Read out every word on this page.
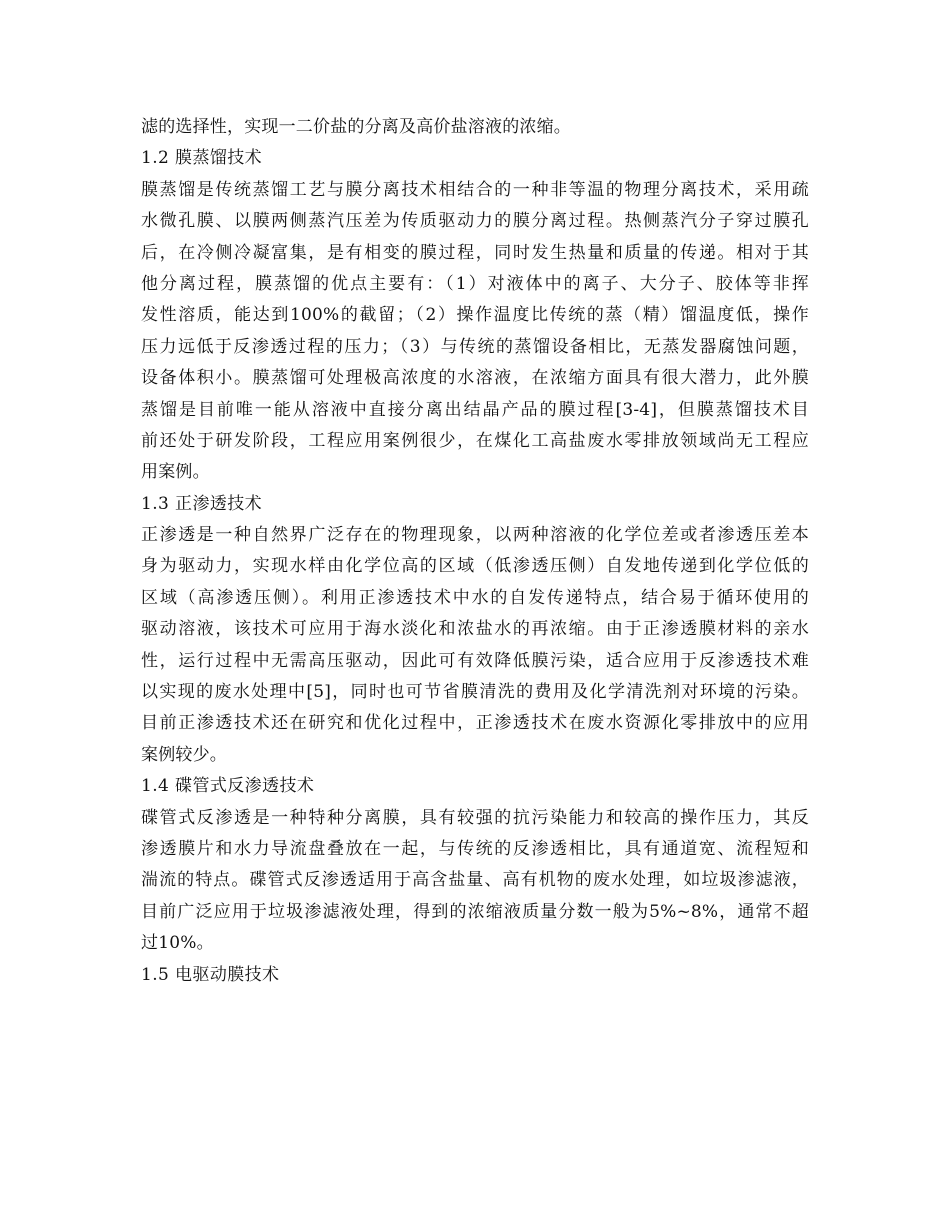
滤的选择性，实现一二价盐的分离及高价盐溶液的浓缩。
1.2 膜蒸馏技术
膜蒸馏是传统蒸馏工艺与膜分离技术相结合的一种非等温的物理分离技术，采用疏
水微孔膜、以膜两侧蒸汽压差为传质驱动力的膜分离过程。热侧蒸汽分子穿过膜孔
后，在冷侧冷凝富集，是有相变的膜过程，同时发生热量和质量的传递。相对于其
他分离过程，膜蒸馏的优点主要有：（1）对液体中的离子、大分子、胶体等非挥
发性溶质，能达到100%的截留；（2）操作温度比传统的蒸（精）馏温度低，操作
压力远低于反渗透过程的压力；（3）与传统的蒸馏设备相比，无蒸发器腐蚀问题，
设备体积小。膜蒸馏可处理极高浓度的水溶液，在浓缩方面具有很大潜力，此外膜
蒸馏是目前唯一能从溶液中直接分离出结晶产品的膜过程[3-4]，但膜蒸馏技术目
前还处于研发阶段，工程应用案例很少，在煤化工高盐废水零排放领域尚无工程应
用案例。
1.3 正渗透技术
正渗透是一种自然界广泛存在的物理现象，以两种溶液的化学位差或者渗透压差本
身为驱动力，实现水样由化学位高的区域（低渗透压侧）自发地传递到化学位低的
区域（高渗透压侧）。利用正渗透技术中水的自发传递特点，结合易于循环使用的
驱动溶液，该技术可应用于海水淡化和浓盐水的再浓缩。由于正渗透膜材料的亲水
性，运行过程中无需高压驱动，因此可有效降低膜污染，适合应用于反渗透技术难
以实现的废水处理中[5]，同时也可节省膜清洗的费用及化学清洗剂对环境的污染。
目前正渗透技术还在研究和优化过程中，正渗透技术在废水资源化零排放中的应用
案例较少。
1.4 碟管式反渗透技术
碟管式反渗透是一种特种分离膜，具有较强的抗污染能力和较高的操作压力，其反
渗透膜片和水力导流盘叠放在一起，与传统的反渗透相比，具有通道宽、流程短和
湍流的特点。碟管式反渗透适用于高含盐量、高有机物的废水处理，如垃圾渗滤液，
目前广泛应用于垃圾渗滤液处理，得到的浓缩液质量分数一般为5%~8%，通常不超
过10%。
1.5 电驱动膜技术
